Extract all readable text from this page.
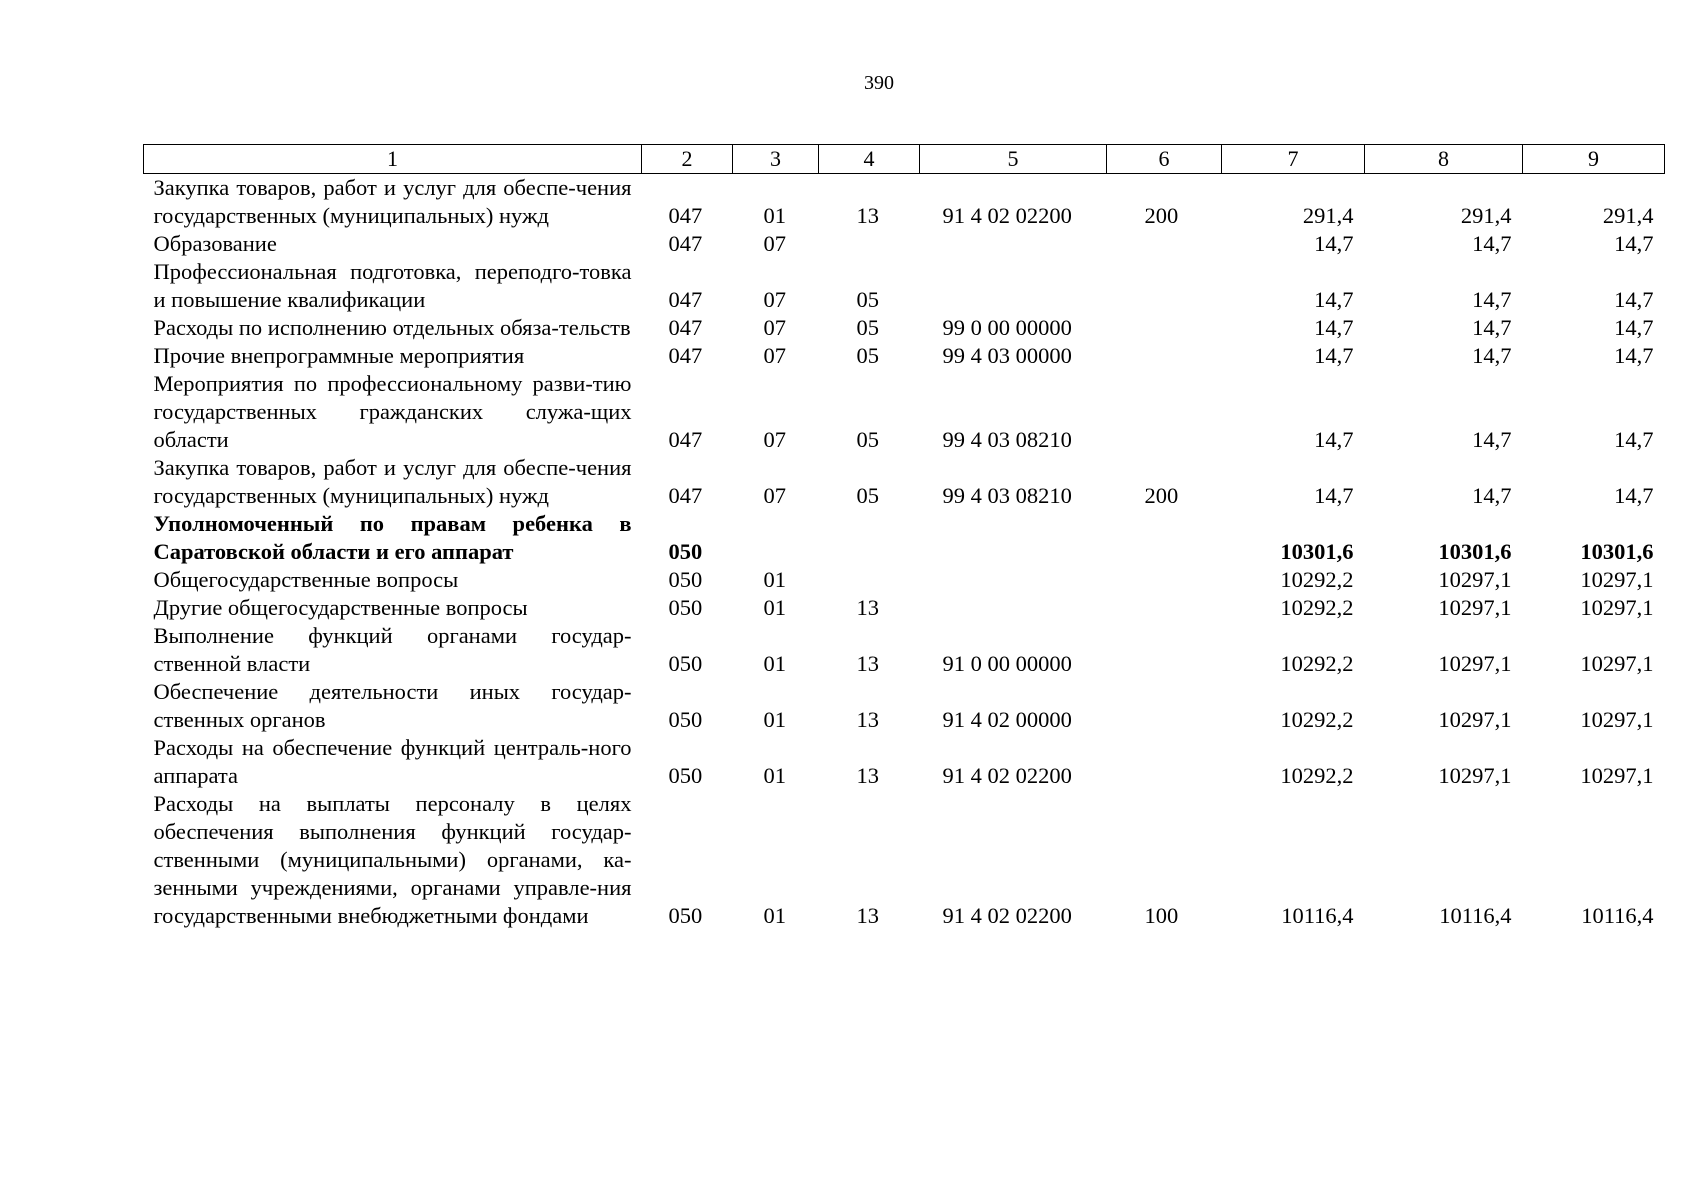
390
1	2	3	4	5	6	7	8	9
Закупка товаров, работ и услуг для обеспе-чения государственных (муниципальных) нужд	047	01	13	91 4 02 02200	200	291,4	291,4	291,4
Образование	047	07				14,7	14,7	14,7
Профессиональная подготовка, переподго-товка и повышение квалификации	047	07	05			14,7	14,7	14,7
Расходы по исполнению отдельных обяза-тельств	047	07	05	99 0 00 00000		14,7	14,7	14,7
Прочие внепрограммные мероприятия	047	07	05	99 4 03 00000		14,7	14,7	14,7
Мероприятия по профессиональному разви-тию государственных гражданских служа-щих области	047	07	05	99 4 03 08210		14,7	14,7	14,7
Закупка товаров, работ и услуг для обеспе-чения государственных (муниципальных) нужд	047	07	05	99 4 03 08210	200	14,7	14,7	14,7
Уполномоченный по правам ребенка в Саратовской области и его аппарат	050					10301,6	10301,6	10301,6
Общегосударственные вопросы	050	01				10292,2	10297,1	10297,1
Другие общегосударственные вопросы	050	01	13			10292,2	10297,1	10297,1
Выполнение функций органами государ-ственной власти	050	01	13	91 0 00 00000		10292,2	10297,1	10297,1
Обеспечение деятельности иных государ-ственных органов	050	01	13	91 4 02 00000		10292,2	10297,1	10297,1
Расходы на обеспечение функций централь-ного аппарата	050	01	13	91 4 02 02200		10292,2	10297,1	10297,1
Расходы на выплаты персоналу в целях обеспечения выполнения функций государ-ственными (муниципальными) органами, ка-зенными учреждениями, органами управле-ния государственными внебюджетными фондами	050	01	13	91 4 02 02200	100	10116,4	10116,4	10116,4
